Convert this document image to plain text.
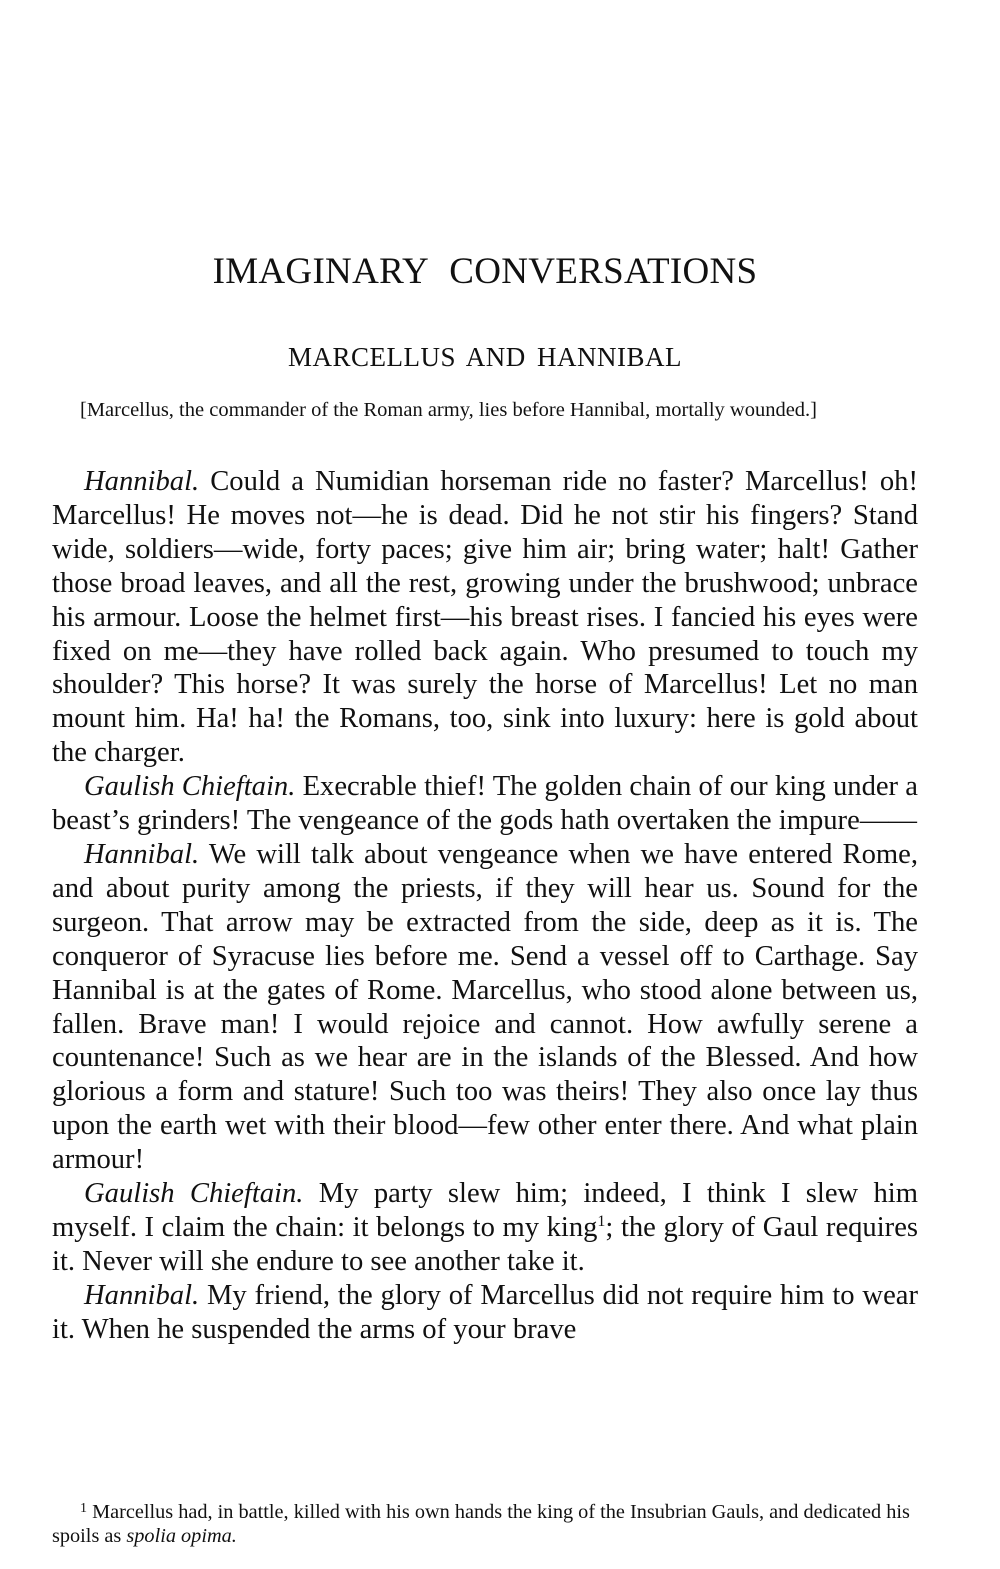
IMAGINARY CONVERSATIONS
MARCELLUS AND HANNIBAL

[Marcellus, the commander of the Roman army, lies before Hannibal, mortally wounded.]

Hannibal. Could a Numidian horseman ride no faster? Marcellus! oh! Marcellus! He moves not—he is dead. Did he not stir his fingers? Stand wide, soldiers—wide, forty paces; give him air; bring water; halt! Gather those broad leaves, and all the rest, growing under the brushwood; unbrace his armour. Loose the helmet first—his breast rises. I fancied his eyes were fixed on me—they have rolled back again. Who presumed to touch my shoulder? This horse? It was surely the horse of Marcellus! Let no man mount him. Ha! ha! the Romans, too, sink into luxury: here is gold about the charger.

Gaulish Chieftain. Execrable thief! The golden chain of our king under a beast’s grinders! The vengeance of the gods hath overtaken the impure——

Hannibal. We will talk about vengeance when we have entered Rome, and about purity among the priests, if they will hear us. Sound for the surgeon. That arrow may be extracted from the side, deep as it is. The conqueror of Syracuse lies before me. Send a vessel off to Carthage. Say Hannibal is at the gates of Rome. Marcellus, who stood alone between us, fallen. Brave man! I would rejoice and cannot. How awfully serene a countenance! Such as we hear are in the islands of the Blessed. And how glorious a form and stature! Such too was theirs! They also once lay thus upon the earth wet with their blood—few other enter there. And what plain armour!

Gaulish Chieftain. My party slew him; indeed, I think I slew him myself. I claim the chain: it belongs to my king$^1$; the glory of Gaul requires it. Never will she endure to see another take it.

Hannibal. My friend, the glory of Marcellus did not require him to wear it. When he suspended the arms of your brave

$^1$ Marcellus had, in battle, killed with his own hands the king of the Insubrian Gauls, and dedicated his spoils as spolia opima.
